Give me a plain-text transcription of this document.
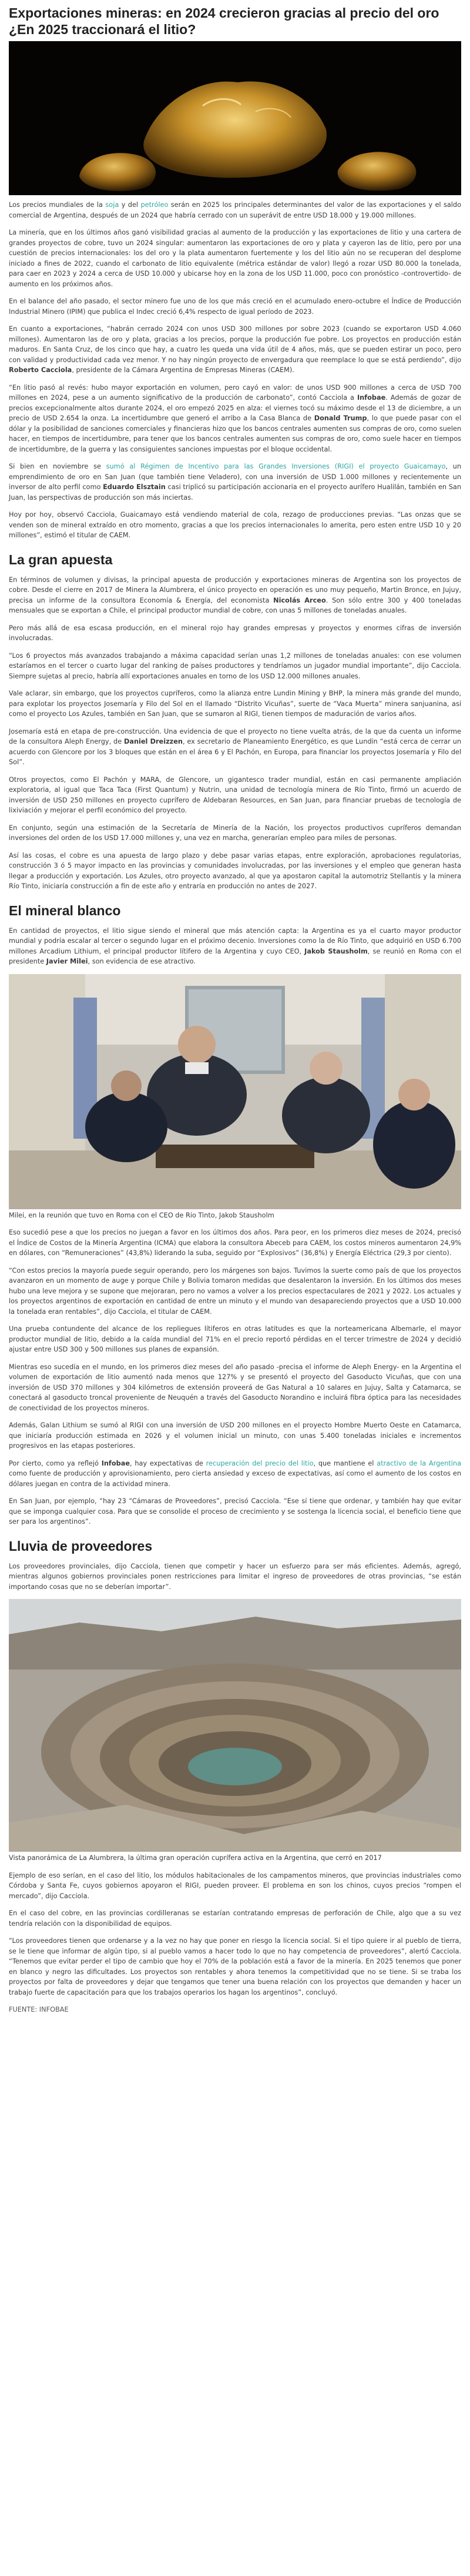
Exportaciones mineras: en 2024 crecieron gracias al precio del oro ¿En 2025 traccionará el litio?

Los precios mundiales de la soja y del petróleo serán en 2025 los principales determinantes del valor de las exportaciones y el saldo comercial de Argentina, después de un 2024 que habría cerrado con un superávit de entre USD 18.000 y 19.000 millones.

La minería, que en los últimos años ganó visibilidad gracias al aumento de la producción y las exportaciones de litio y una cartera de grandes proyectos de cobre, tuvo un 2024 singular: aumentaron las exportaciones de oro y plata y cayeron las de litio, pero por una cuestión de precios internacionales: los del oro y la plata aumentaron fuertemente y los del litio aún no se recuperan del desplome iniciado a fines de 2022, cuando el carbonato de litio equivalente (métrica estándar de valor) llegó a rozar USD 80.000 la tonelada, para caer en 2023 y 2024 a cerca de USD 10.000 y ubicarse hoy en la zona de los USD 11.000, poco con pronóstico -controvertido- de aumento en los próximos años.

En el balance del año pasado, el sector minero fue uno de los que más creció en el acumulado enero-octubre el Índice de Producción Industrial Minero (IPIM) que publica el Indec creció 6,4% respecto de igual período de 2023.

En cuanto a exportaciones, “habrán cerrado 2024 con unos USD 300 millones por sobre 2023 (cuando se exportaron USD 4.060 millones). Aumentaron las de oro y plata, gracias a los precios, porque la producción fue pobre. Los proyectos en producción están maduros. En Santa Cruz, de los cinco que hay, a cuatro les queda una vida útil de 4 años, más, que se pueden estirar un poco, pero con validad y productividad cada vez menor. Y no hay ningún proyecto de envergadura que reemplace lo que se está perdiendo”, dijo Roberto Cacciola, presidente de la Cámara Argentina de Empresas Mineras (CAEM).

“En litio pasó al revés: hubo mayor exportación en volumen, pero cayó en valor: de unos USD 900 millones a cerca de USD 700 millones en 2024, pese a un aumento significativo de la producción de carbonato”, contó Cacciola a Infobae. Además de gozar de precios excepcionalmente altos durante 2024, el oro empezó 2025 en alza: el viernes tocó su máximo desde el 13 de diciembre, a un precio de USD 2.654 la onza. La incertidumbre que generó el arribo a la Casa Blanca de Donald Trump, lo que puede pasar con el dólar y la posibilidad de sanciones comerciales y financieras hizo que los bancos centrales aumenten sus compras de oro, como suelen hacer, en tiempos de incertidumbre, para tener que los bancos centrales aumenten sus compras de oro, como suele hacer en tiempos de incertidumbre, de la guerra y las consiguientes sanciones impuestas por el bloque occidental.

Si bien en noviembre se sumó al Régimen de Incentivo para las Grandes Inversiones (RIGI) el proyecto Guaicamayo, un emprendimiento de oro en San Juan (que también tiene Veladero), con una inversión de USD 1.000 millones y recientemente un inversor de alto perfil como Eduardo Elsztain casi triplicó su participación accionaria en el proyecto aurífero Hualilán, también en San Juan, las perspectivas de producción son más inciertas.

Hoy por hoy, observó Cacciola, Guaicamayo está vendiendo material de cola, rezago de producciones previas. “Las onzas que se venden son de mineral extraído en otro momento, gracias a que los precios internacionales lo amerita, pero esten entre USD 10 y 20 millones”, estimó el titular de CAEM.

La gran apuesta

En términos de volumen y divisas, la principal apuesta de producción y exportaciones mineras de Argentina son los proyectos de cobre. Desde el cierre en 2017 de Minera la Alumbrera, el único proyecto en operación es uno muy pequeño, Martin Bronce, en Jujuy, precisa un informe de la consultora Economía & Energía, del economista Nicolás Arceo. Son sólo entre 300 y 400 toneladas mensuales que se exportan a Chile, el principal productor mundial de cobre, con unas 5 millones de toneladas anuales.

Pero más allá de esa escasa producción, en el mineral rojo hay grandes empresas y proyectos y enormes cifras de inversión involucradas.

“Los 6 proyectos más avanzados trabajando a máxima capacidad serían unas 1,2 millones de toneladas anuales: con ese volumen estaríamos en el tercer o cuarto lugar del ranking de países productores y tendríamos un jugador mundial importante”, dijo Cacciola. Siempre sujetas al precio, habría allí exportaciones anuales en torno de los USD 12.000 millones anuales.

Vale aclarar, sin embargo, que los proyectos cupríferos, como la alianza entre Lundin Mining y BHP, la minera más grande del mundo, para explotar los proyectos Josemaría y Filo del Sol en el llamado “Distrito Vicuñas”, suerte de “Vaca Muerta” minera sanjuanina, así como el proyecto Los Azules, también en San Juan, que se sumaron al RIGI, tienen tiempos de maduración de varios años.

Josemaría está en etapa de pre-construcción. Una evidencia de que el proyecto no tiene vuelta atrás, de la que da cuenta un informe de la consultora Aleph Energy, de Daniel Dreizzen, ex secretario de Planeamiento Energético, es que Lundin “está cerca de cerrar un acuerdo con Glencore por los 3 bloques que están en el área 6 y El Pachón, en Europa, para financiar los proyectos Josemaría y Filo del Sol”.

Otros proyectos, como El Pachón y MARA, de Glencore, un gigantesco trader mundial, están en casi permanente ampliación exploratoria, al igual que Taca Taca (First Quantum) y Nutrin, una unidad de tecnología minera de Río Tinto, firmó un acuerdo de inversión de USD 250 millones en proyecto cuprífero de Aldebaran Resources, en San Juan, para financiar pruebas de tecnología de lixiviación y mejorar el perfil económico del proyecto.

En conjunto, según una estimación de la Secretaría de Minería de la Nación, los proyectos productivos cupríferos demandan inversiones del orden de los USD 17.000 millones y, una vez en marcha, generarían empleo para miles de personas.

Así las cosas, el cobre es una apuesta de largo plazo y debe pasar varias etapas, entre exploración, aprobaciones regulatorias, construcción 3 ó 5 mayor impacto en las provincias y comunidades involucradas, por las inversiones y el empleo que generan hasta llegar a producción y exportación. Los Azules, otro proyecto avanzado, al que ya apostaron capital la automotriz Stellantis y la minera Río Tinto, iniciaría construcción a fin de este año y entraría en producción no antes de 2027.

El mineral blanco

En cantidad de proyectos, el litio sigue siendo el mineral que más atención capta: la Argentina es ya el cuarto mayor productor mundial y podría escalar al tercer o segundo lugar en el próximo decenio. Inversiones como la de Río Tinto, que adquirió en USD 6.700 millones Arcadium Lithium, el principal productor lítifero de la Argentina y cuyo CEO, Jakob Stausholm, se reunió en Roma con el presidente Javier Milei, son evidencia de ese atractivo.

Milei, en la reunión que tuvo en Roma con el CEO de Rio Tinto, Jakob Stausholm

Eso sucedió pese a que los precios no juegan a favor en los últimos dos años. Para peor, en los primeros diez meses de 2024, precisó el Índice de Costos de la Minería Argentina (ICMA) que elabora la consultora Abeceb para CAEM, los costos mineros aumentaron 24,9% en dólares, con “Remuneraciones” (43,8%) liderando la suba, seguido por “Explosivos” (36,8%) y Energía Eléctrica (29,3 por ciento).

“Con estos precios la mayoría puede seguir operando, pero los márgenes son bajos. Tuvimos la suerte como país de que los proyectos avanzaron en un momento de auge y porque Chile y Bolivia tomaron medidas que desalentaron la inversión. En los últimos dos meses hubo una leve mejora y se supone que mejoraran, pero no vamos a volver a los precios espectaculares de 2021 y 2022. Los actuales y los proyectos argentinos de exportación en cantidad de entre un minuto y el mundo van desapareciendo proyectos que a USD 10.000 la tonelada eran rentables”, dijo Cacciola, el titular de CAEM.

Una prueba contundente del alcance de los repliegues lítiferos en otras latitudes es que la norteamericana Albemarle, el mayor productor mundial de litio, debido a la caída mundial del 71% en el precio reportó pérdidas en el tercer trimestre de 2024 y decidió ajustar entre USD 300 y 500 millones sus planes de expansión.

Mientras eso sucedía en el mundo, en los primeros diez meses del año pasado -precisa el informe de Aleph Energy- en la Argentina el volumen de exportación de litio aumentó nada menos que 127% y se presentó el proyecto del Gasoducto Vicuñas, que con una inversión de USD 370 millones y 304 kilómetros de extensión proveerá de Gas Natural a 10 salares en Jujuy, Salta y Catamarca, se conectará al gasoducto troncal proveniente de Neuquén a través del Gasoducto Norandino e incluirá fibra óptica para las necesidades de conectividad de los proyectos mineros.

Además, Galan Lithium se sumó al RIGI con una inversión de USD 200 millones en el proyecto Hombre Muerto Oeste en Catamarca, que iniciaría producción estimada en 2026 y el volumen inicial un minuto, con unas 5.400 toneladas iniciales e incrementos progresivos en las etapas posteriores.

Por cierto, como ya reflejó Infobae, hay expectativas de recuperación del precio del litio, que mantiene el atractivo de la Argentina como fuente de producción y aprovisionamiento, pero cierta ansiedad y exceso de expectativas, así como el aumento de los costos en dólares juegan en contra de la actividad minera.

En San Juan, por ejemplo, “hay 23 “Cámaras de Proveedores”, precisó Cacciola. “Ese sí tiene que ordenar, y también hay que evitar que se imponga cualquier cosa. Para que se consolide el proceso de crecimiento y se sostenga la licencia social, el beneficio tiene que ser para los argentinos”.

Lluvia de proveedores

Los proveedores provinciales, dijo Cacciola, tienen que competir y hacer un esfuerzo para ser más eficientes. Además, agregó, mientras algunos gobiernos provinciales ponen restricciones para limitar el ingreso de proveedores de otras provincias, “se están importando cosas que no se deberían importar”.

Vista panorámica de La Alumbrera, la última gran operación cuprífera activa en la Argentina, que cerró en 2017

Ejemplo de eso serían, en el caso del litio, los módulos habitacionales de los campamentos mineros, que provincias industriales como Córdoba y Santa Fe, cuyos gobiernos apoyaron el RIGI, pueden proveer. El problema en son los chinos, cuyos precios “rompen el mercado”, dijo Cacciola.

En el caso del cobre, en las provincias cordilleranas se estarían contratando empresas de perforación de Chile, algo que a su vez tendría relación con la disponibilidad de equipos.

“Los proveedores tienen que ordenarse y a la vez no hay que poner en riesgo la licencia social. Si el tipo quiere ir al pueblo de tierra, se le tiene que informar de algún tipo, si al pueblo vamos a hacer todo lo que no hay competencia de proveedores”, alertó Cacciola. “Tenemos que evitar perder el tipo de cambio que hoy el 70% de la población está a favor de la minería. En 2025 tenemos que poner en blanco y negro las dificultades. Los proyectos son rentables y ahora tenemos la competitividad que no se tiene. Si se traba los proyectos por falta de proveedores y dejar que tengamos que tener una buena relación con los proyectos que demanden y hacer un trabajo fuerte de capacitación para que los trabajos operarios los hagan los argentinos”, concluyó.

FUENTE: INFOBAE
